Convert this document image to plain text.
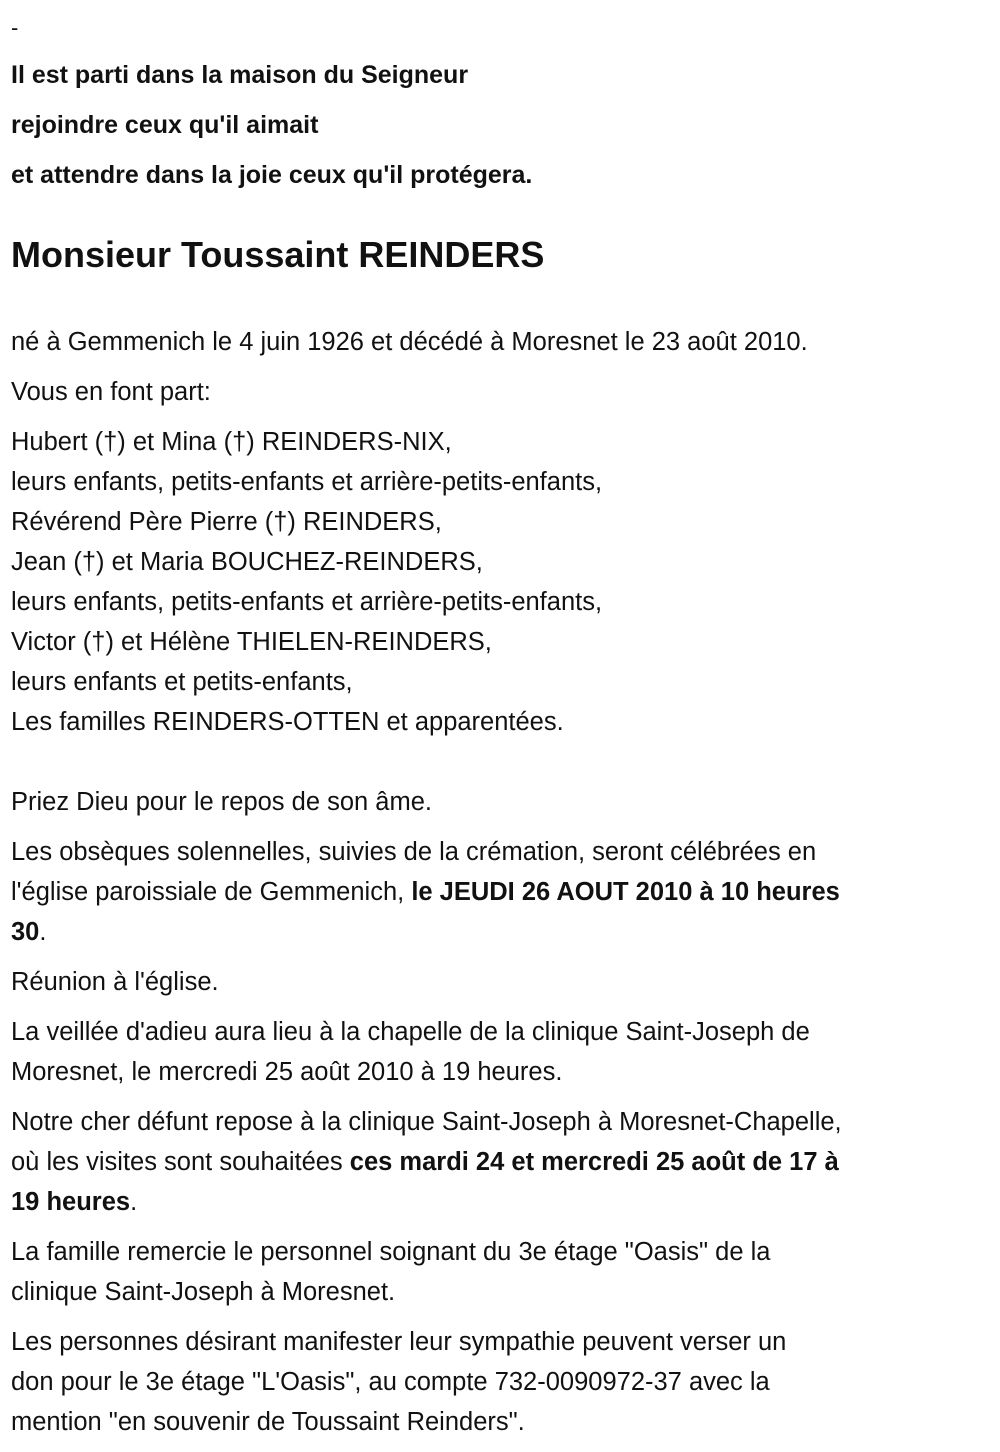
-
Il est parti dans la maison du Seigneur
rejoindre ceux qu'il aimait
et attendre dans la joie ceux qu'il protégera.
Monsieur Toussaint REINDERS

né à Gemmenich le 4 juin 1926 et décédé à Moresnet le 23 août 2010.

Vous en font part:

Hubert (†) et Mina (†) REINDERS-NIX,
leurs enfants, petits-enfants et arrière-petits-enfants,
Révérend Père Pierre (†) REINDERS,
Jean (†) et Maria BOUCHEZ-REINDERS,
leurs enfants, petits-enfants et arrière-petits-enfants,
Victor (†) et Hélène THIELEN-REINDERS,
leurs enfants et petits-enfants,
Les familles REINDERS-OTTEN et apparentées.

Priez Dieu pour le repos de son âme.

Les obsèques solennelles, suivies de la crémation, seront célébrées en
l'église paroissiale de Gemmenich, le JEUDI 26 AOUT 2010 à 10 heures
30.

Réunion à l'église.

La veillée d'adieu aura lieu à la chapelle de la clinique Saint-Joseph de
Moresnet, le mercredi 25 août 2010 à 19 heures.

Notre cher défunt repose à la clinique Saint-Joseph à Moresnet-Chapelle,
où les visites sont souhaitées ces mardi 24 et mercredi 25 août de 17 à
19 heures.

La famille remercie le personnel soignant du 3e étage "Oasis" de la
clinique Saint-Joseph à Moresnet.

Les personnes désirant manifester leur sympathie peuvent verser un
don pour le 3e étage "L'Oasis", au compte 732-0090972-37 avec la
mention "en souvenir de Toussaint Reinders".
